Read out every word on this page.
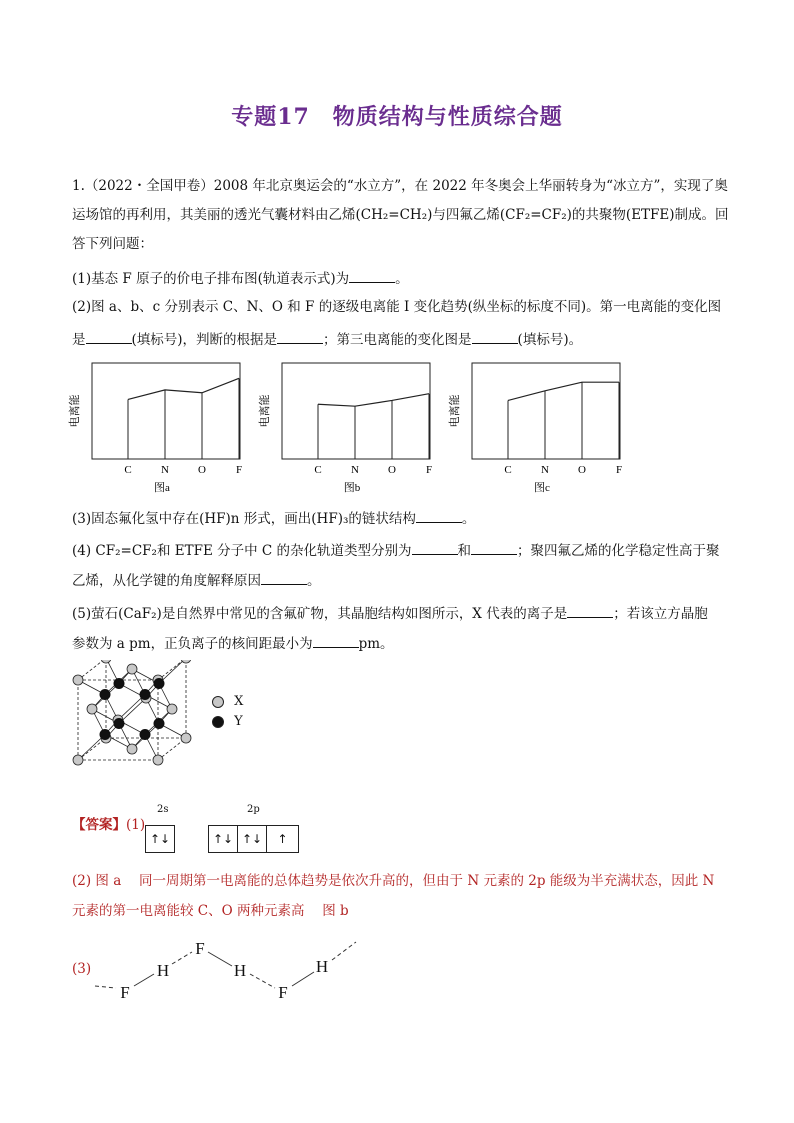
专题17　物质结构与性质综合题
1.（2022・全国甲卷）2008 年北京奥运会的“水立方”，在 2022 年冬奥会上华丽转身为“冰立方”，实现了奥
运场馆的再利用，其美丽的透光气囊材料由乙烯(CH₂=CH₂)与四氟乙烯(CF₂=CF₂)的共聚物(ETFE)制成。回
答下列问题：
(1)基态 F 原子的价电子排布图(轨道表示式)为	。
(2)图 a、b、c 分别表示 C、N、O 和 F 的逐级电离能 I 变化趋势(纵坐标的标度不同)。第一电离能的变化图
是	(填标号)，判断的根据是	；第三电离能的变化图是	(填标号)。
电离能
C	N	O	F
图a
电离能
C	N	O	F
图b
电离能
C	N	O	F
图c
(3)固态氟化氢中存在(HF)n 形式，画出(HF)₃的链状结构	。
(4) CF₂=CF₂和 ETFE 分子中 C 的杂化轨道类型分别为	和	；聚四氟乙烯的化学稳定性高于聚
乙烯，从化学键的角度解释原因	。
(5)萤石(CaF₂)是自然界中常见的含氟矿物，其晶胞结构如图所示，X 代表的离子是	；若该立方晶胞
参数为 a pm，正负离子的核间距最小为	pm。
X
Y
【答案】(1)
2s	2p
↑↓	↑↓ ↑↓	↑
(2) 图 a　 同一周期第一电离能的总体趋势是依次升高的，但由于 N 元素的 2p 能级为半充满状态，因此 N
元素的第一电离能较 C、O 两种元素高　 图 b
(3)
F
H
F
H
F
H
